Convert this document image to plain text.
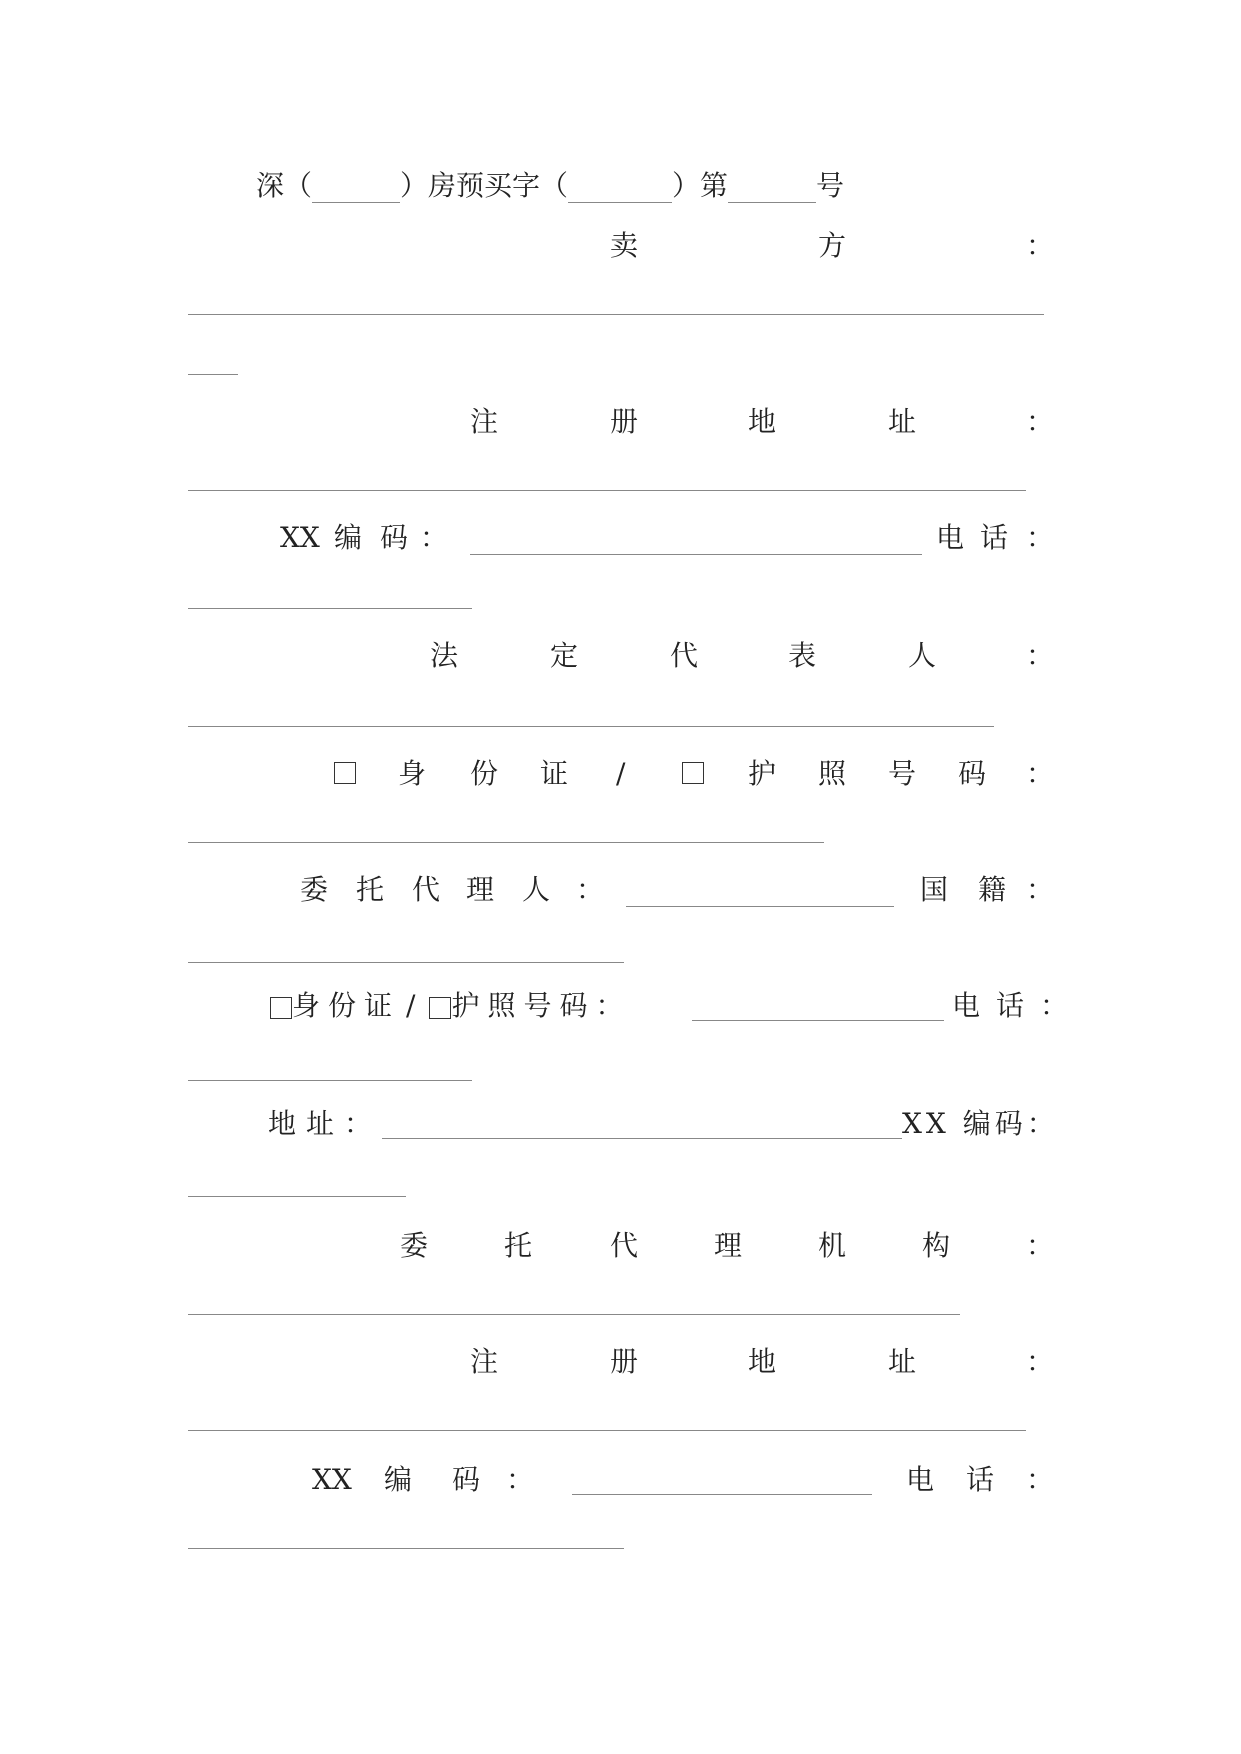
深（	）房预买字（	）第	号
卖	方	：
注	册	地	址	：
XX 编 码 ：	电 话 ：
法	定	代	表	人	：
身 份 证 /	护 照 号 码 ：
委 托 代 理 人 ：	国 籍 ：
身份证 / 护照号码：	电话：
地址：	XX 编码：
委	托	代	理	机	构	：
注	册	地	址	：
XX 编 码 ：	电 话 ：
